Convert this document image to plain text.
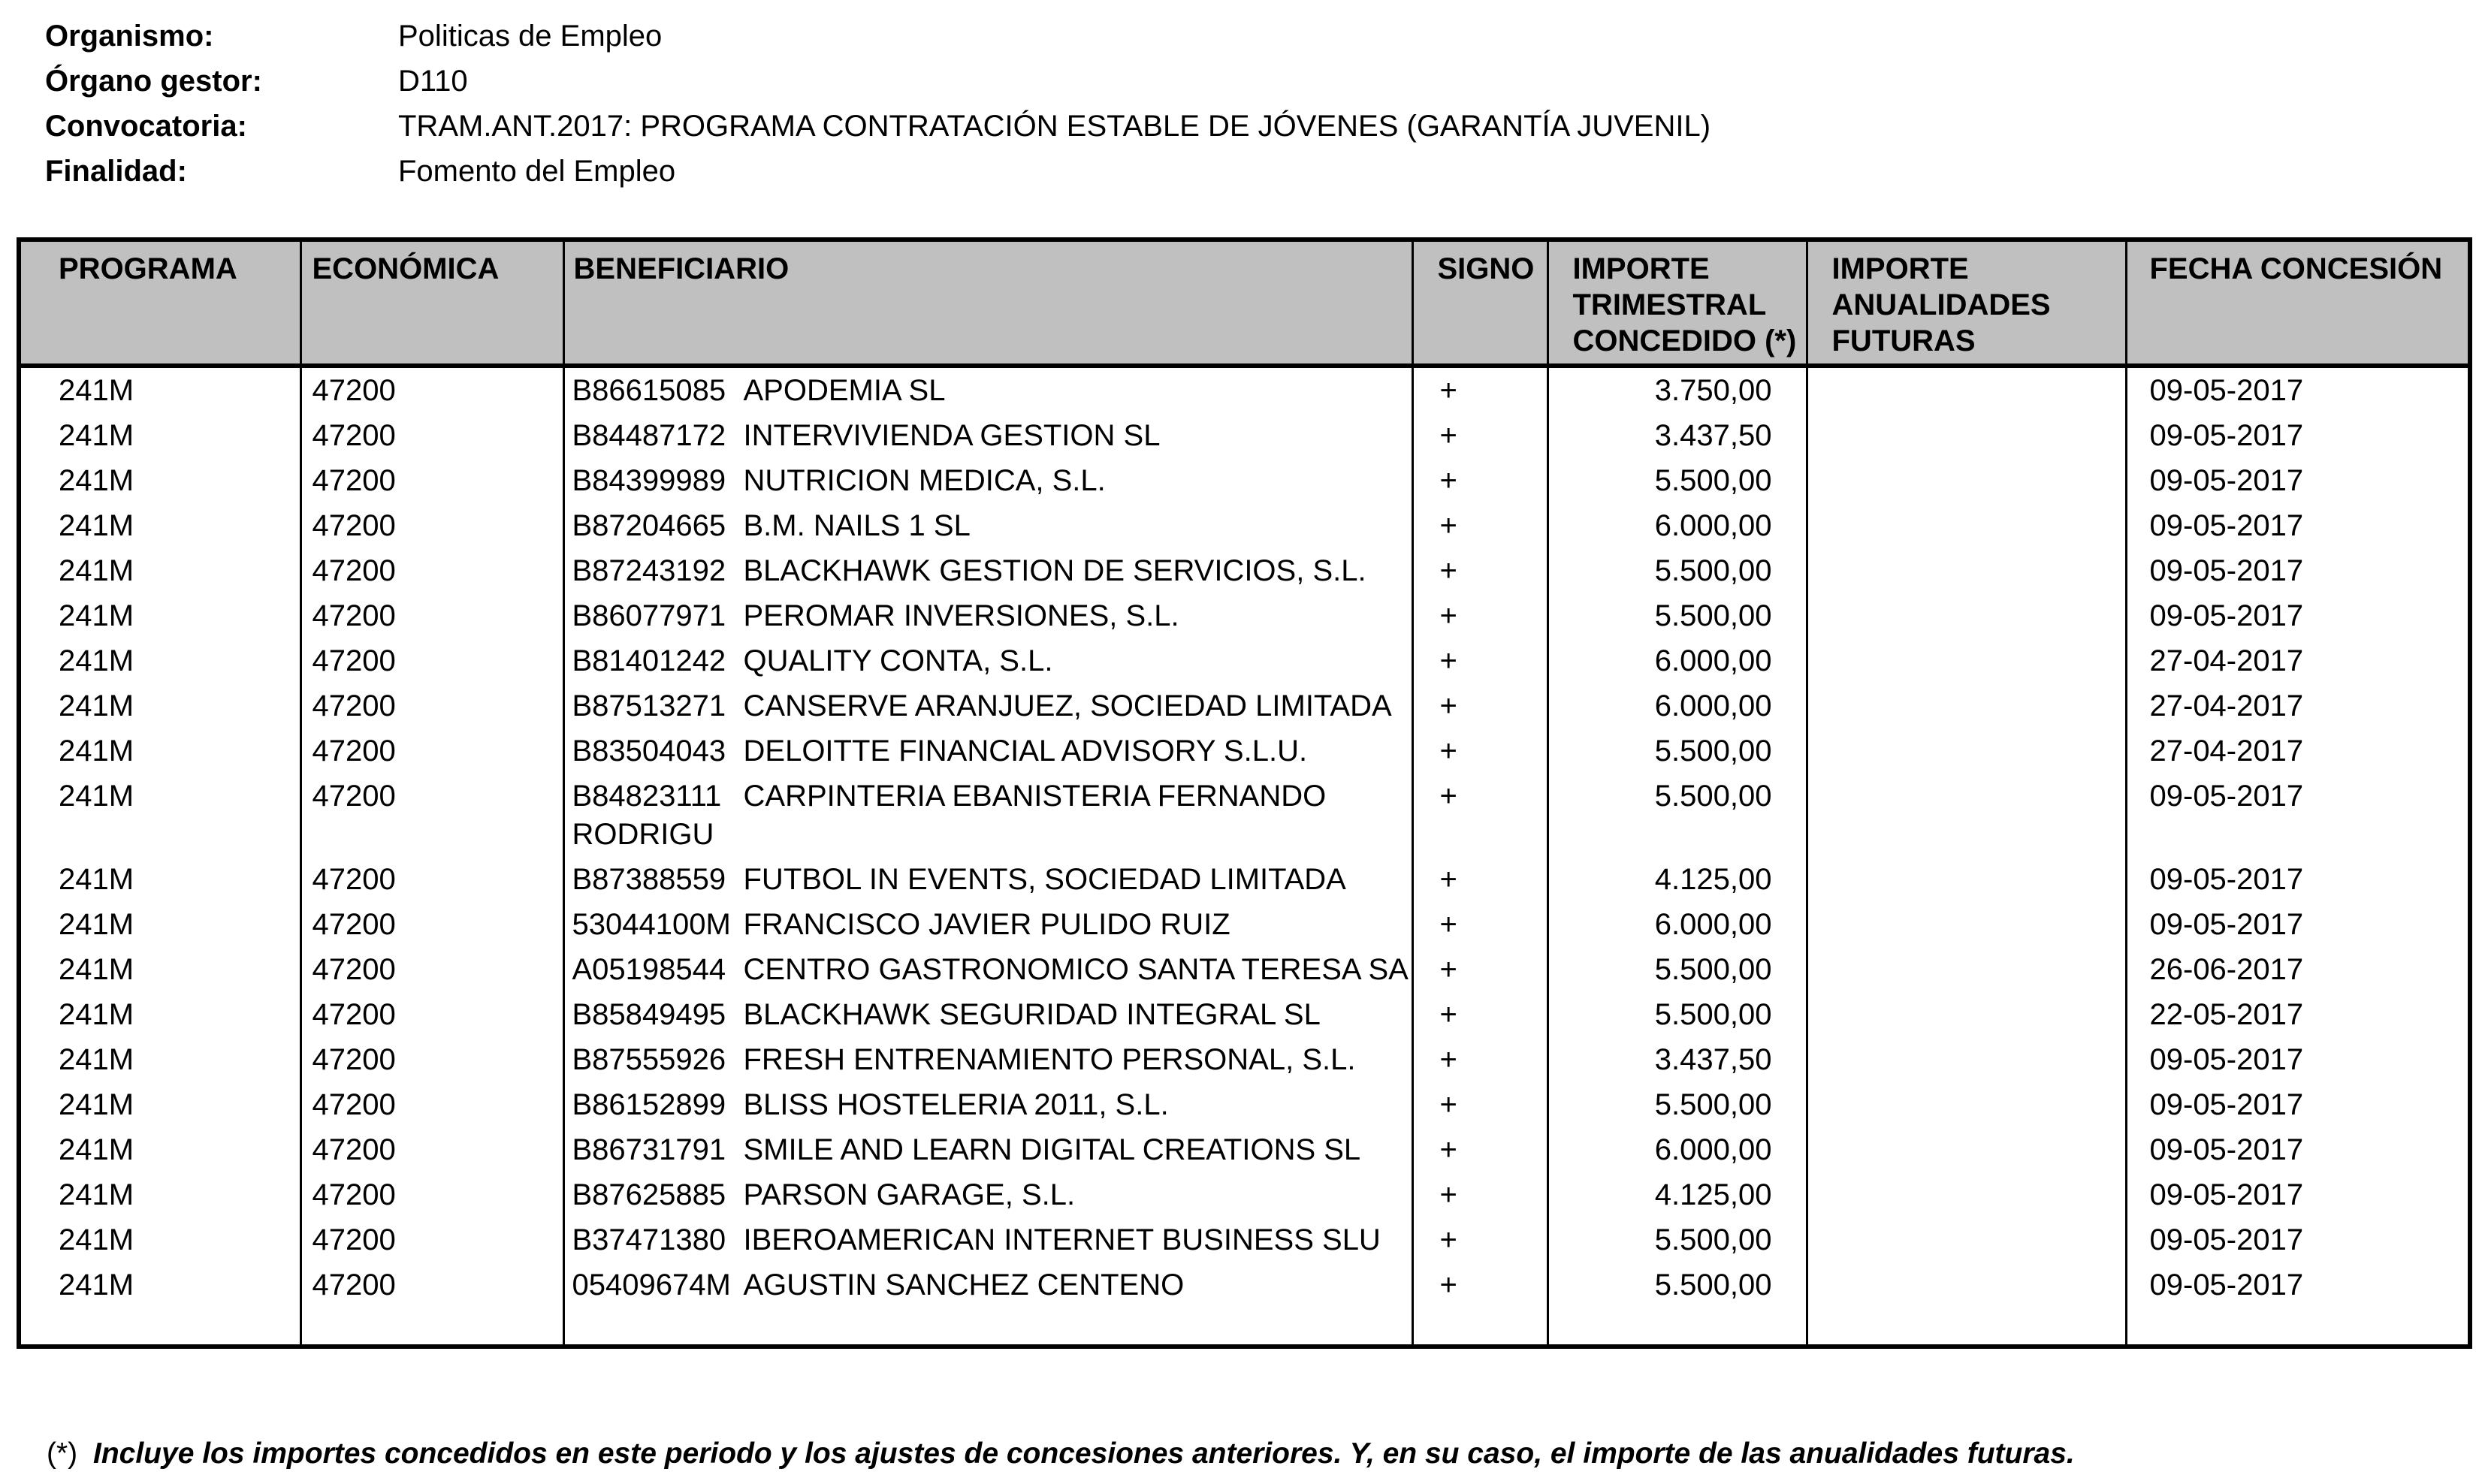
Organismo:	Politicas de Empleo
Órgano gestor:	D110
Convocatoria:	TRAM.ANT.2017: PROGRAMA CONTRATACIÓN ESTABLE DE JÓVENES (GARANTÍA JUVENIL)
Finalidad:	Fomento del Empleo
PROGRAMA	ECONÓMICA	BENEFICIARIO	SIGNO	IMPORTE TRIMESTRAL CONCEDIDO (*)	IMPORTE ANUALIDADES FUTURAS	FECHA CONCESIÓN
241M	47200	B86615085 APODEMIA SL	+	3.750,00		09-05-2017
241M	47200	B84487172 INTERVIVIENDA GESTION SL	+	3.437,50		09-05-2017
241M	47200	B84399989 NUTRICION MEDICA, S.L.	+	5.500,00		09-05-2017
241M	47200	B87204665 B.M. NAILS 1 SL	+	6.000,00		09-05-2017
241M	47200	B87243192 BLACKHAWK GESTION DE SERVICIOS, S.L.	+	5.500,00		09-05-2017
241M	47200	B86077971 PEROMAR INVERSIONES, S.L.	+	5.500,00		09-05-2017
241M	47200	B81401242 QUALITY CONTA, S.L.	+	6.000,00		27-04-2017
241M	47200	B87513271 CANSERVE ARANJUEZ, SOCIEDAD LIMITADA	+	6.000,00		27-04-2017
241M	47200	B83504043 DELOITTE FINANCIAL ADVISORY S.L.U.	+	5.500,00		27-04-2017
241M	47200	B84823111 CARPINTERIA EBANISTERIA FERNANDO RODRIGU	+	5.500,00		09-05-2017
241M	47200	B87388559 FUTBOL IN EVENTS, SOCIEDAD LIMITADA	+	4.125,00		09-05-2017
241M	47200	53044100M FRANCISCO JAVIER PULIDO RUIZ	+	6.000,00		09-05-2017
241M	47200	A05198544 CENTRO GASTRONOMICO SANTA TERESA SA	+	5.500,00		26-06-2017
241M	47200	B85849495 BLACKHAWK SEGURIDAD INTEGRAL SL	+	5.500,00		22-05-2017
241M	47200	B87555926 FRESH ENTRENAMIENTO PERSONAL, S.L.	+	3.437,50		09-05-2017
241M	47200	B86152899 BLISS HOSTELERIA 2011, S.L.	+	5.500,00		09-05-2017
241M	47200	B86731791 SMILE AND LEARN DIGITAL CREATIONS SL	+	6.000,00		09-05-2017
241M	47200	B87625885 PARSON GARAGE, S.L.	+	4.125,00		09-05-2017
241M	47200	B37471380 IBEROAMERICAN INTERNET BUSINESS SLU	+	5.500,00		09-05-2017
241M	47200	05409674M AGUSTIN SANCHEZ CENTENO	+	5.500,00		09-05-2017

(*) Incluye los importes concedidos en este periodo y los ajustes de concesiones anteriores. Y, en su caso, el importe de las anualidades futuras.
